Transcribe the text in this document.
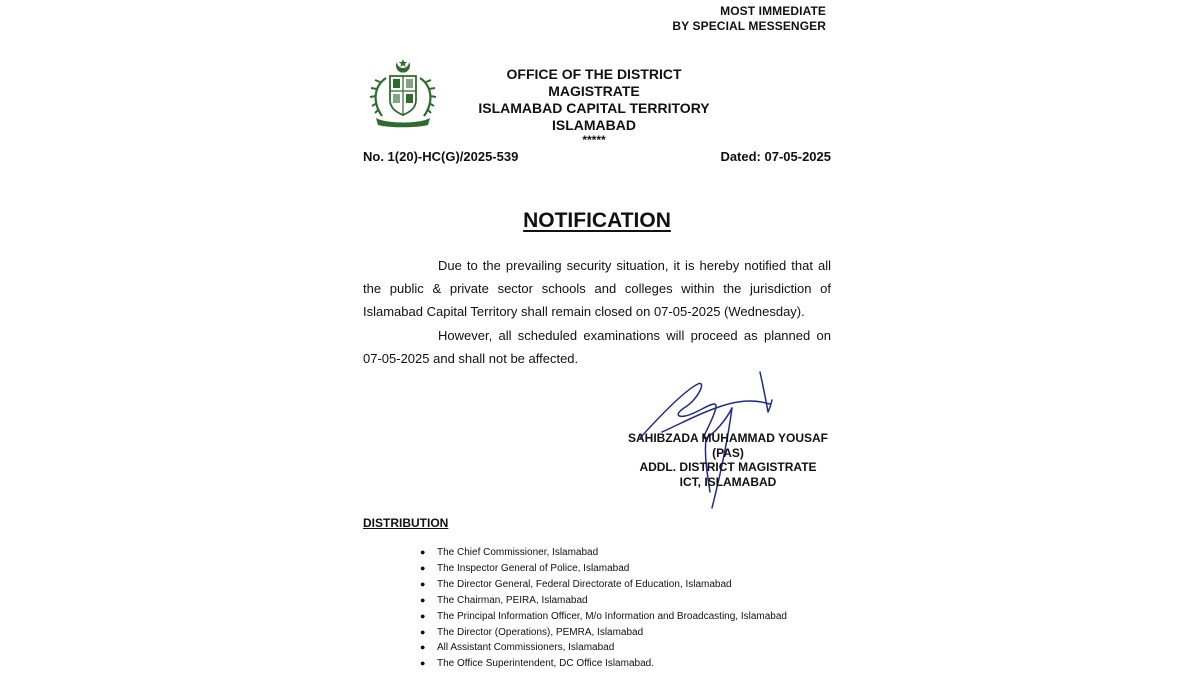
MOST IMMEDIATE
BY SPECIAL MESSENGER
OFFICE OF THE DISTRICT MAGISTRATE
ISLAMABAD CAPITAL TERRITORY
ISLAMABAD
*****
No. 1(20)-HC(G)/2025-539	Dated: 07-05-2025
NOTIFICATION

Due to the prevailing security situation, it is hereby notified that all the public & private sector schools and colleges within the jurisdiction of Islamabad Capital Territory shall remain closed on 07-05-2025 (Wednesday).

However, all scheduled examinations will proceed as planned on 07-05-2025 and shall not be affected.

SAHIBZADA MUHAMMAD YOUSAF (PAS)
ADDL. DISTRICT MAGISTRATE
ICT, ISLAMABAD
DISTRIBUTION
● The Chief Commissioner, Islamabad
● The Inspector General of Police, Islamabad
● The Director General, Federal Directorate of Education, Islamabad
● The Chairman, PEIRA, Islamabad
● The Principal Information Officer, M/o Information and Broadcasting, Islamabad
● The Director (Operations), PEMRA, Islamabad
● All Assistant Commissioners, Islamabad
● The Office Superintendent, DC Office Islamabad.
